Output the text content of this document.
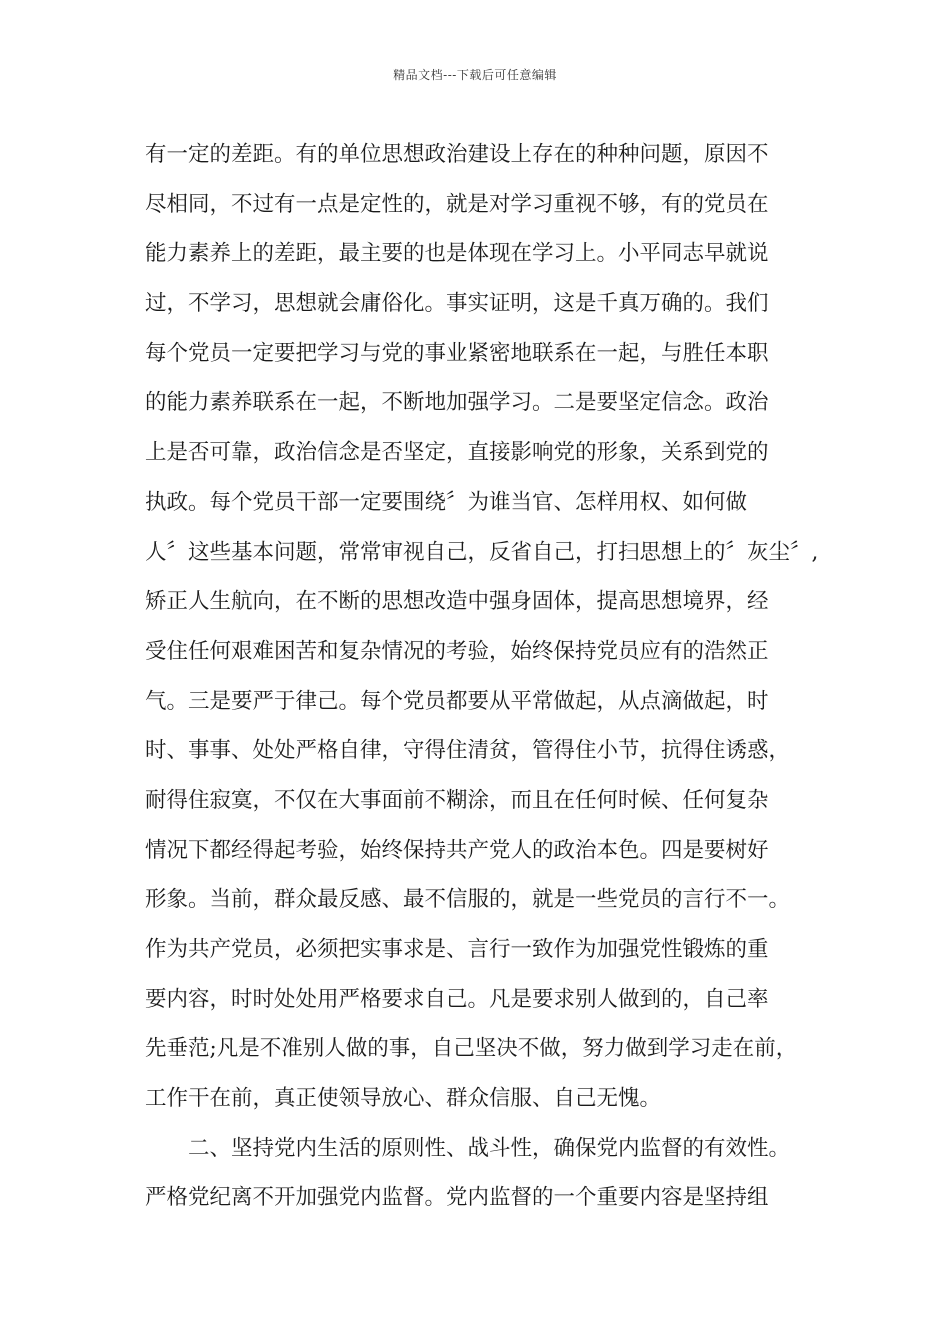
精品文档---下载后可任意编辑
有一定的差距。有的单位思想政治建设上存在的种种问题，原因不
尽相同，不过有一点是定性的，就是对学习重视不够，有的党员在
能力素养上的差距，最主要的也是体现在学习上。小平同志早就说
过，不学习，思想就会庸俗化。事实证明，这是千真万确的。我们
每个党员一定要把学习与党的事业紧密地联系在一起，与胜任本职
的能力素养联系在一起，不断地加强学习。二是要坚定信念。政治
上是否可靠，政治信念是否坚定，直接影响党的形象，关系到党的
执政。每个党员干部一定要围绕〞为谁当官、怎样用权、如何做
人〞这些基本问题，常常审视自己，反省自己，打扫思想上的〞灰尘〞,
矫正人生航向，在不断的思想改造中强身固体，提高思想境界，经
受住任何艰难困苦和复杂情况的考验，始终保持党员应有的浩然正
气。三是要严于律己。每个党员都要从平常做起，从点滴做起，时
时、事事、处处严格自律，守得住清贫，管得住小节，抗得住诱惑，
耐得住寂寞，不仅在大事面前不糊涂，而且在任何时候、任何复杂
情况下都经得起考验，始终保持共产党人的政治本色。四是要树好
形象。当前，群众最反感、最不信服的，就是一些党员的言行不一。
作为共产党员，必须把实事求是、言行一致作为加强党性锻炼的重
要内容，时时处处用严格要求自己。凡是要求别人做到的，自己率
先垂范;凡是不准别人做的事，自己坚决不做，努力做到学习走在前，
工作干在前，真正使领导放心、群众信服、自己无愧。
二、坚持党内生活的原则性、战斗性，确保党内监督的有效性。
严格党纪离不开加强党内监督。党内监督的一个重要内容是坚持组
